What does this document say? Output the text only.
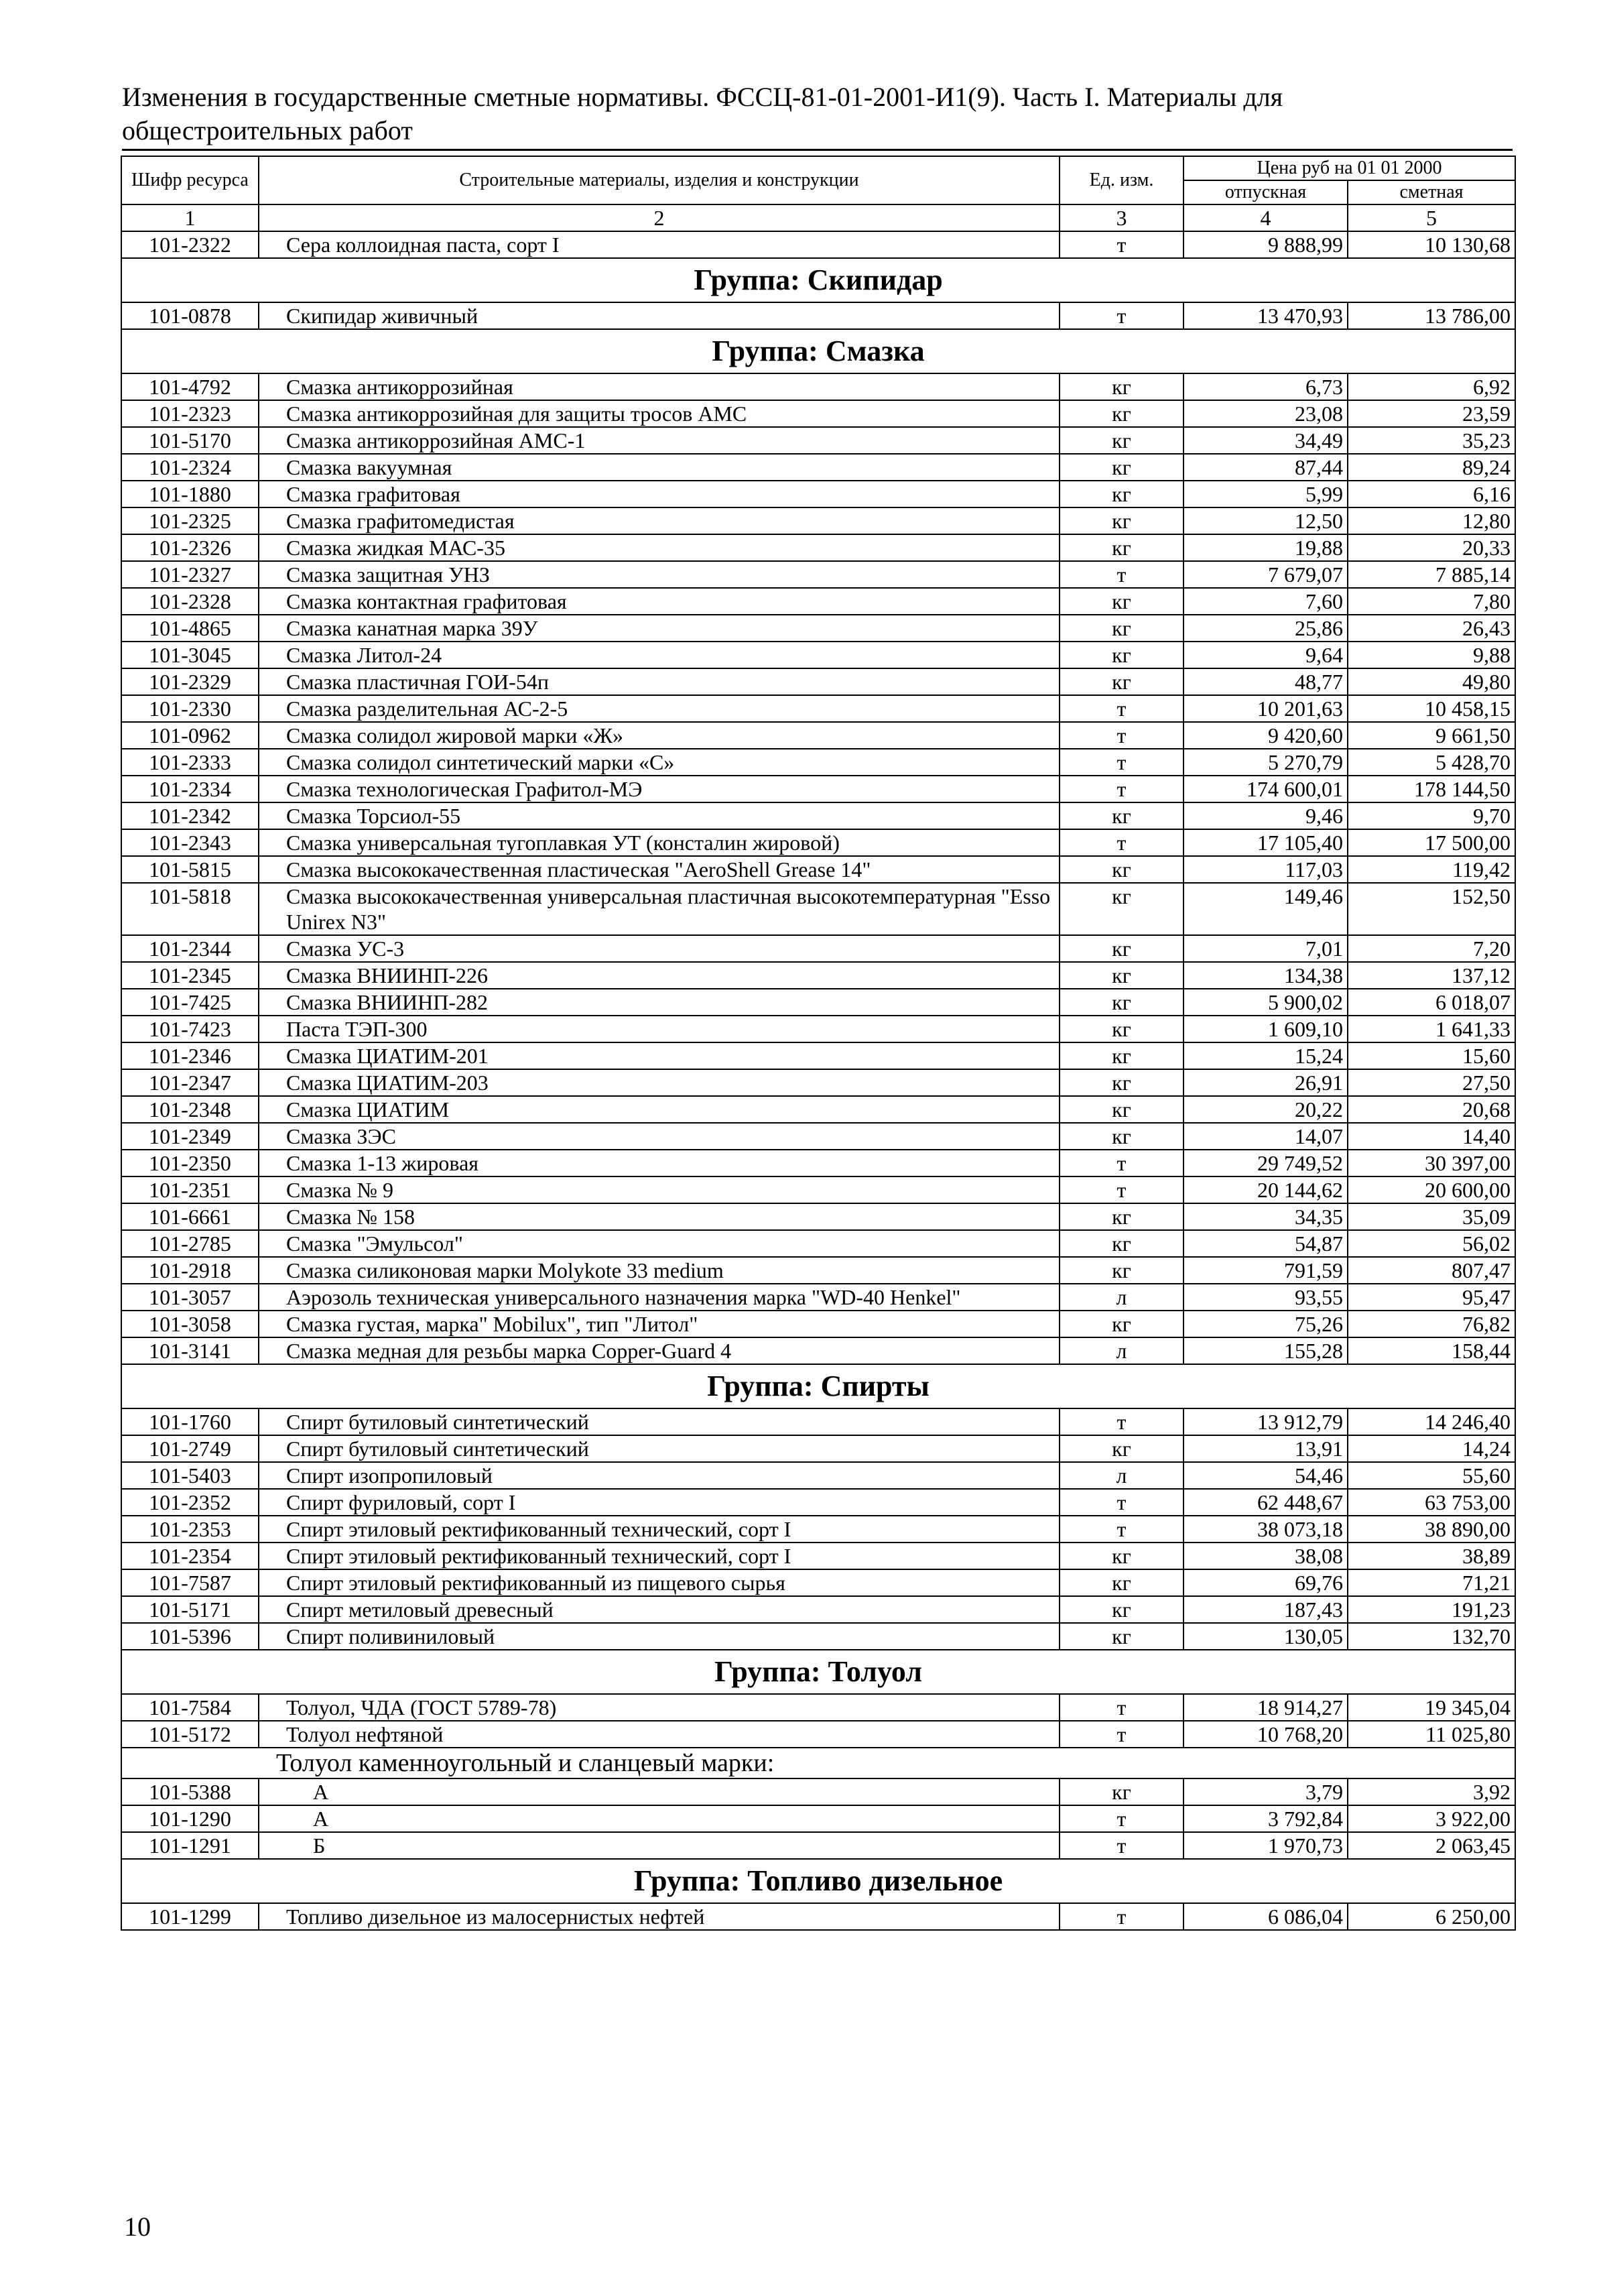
Изменения в государственные сметные нормативы. ФССЦ-81-01-2001-И1(9). Часть I. Материалы для
общестроительных работ
Шифр ресурса	Строительные материалы, изделия и конструкции	Ед. изм.	Цена руб на 01 01 2000	
			отпускная	сметная
1	2	3	4	5
101-2322	Сера коллоидная паста, сорт I	т	9 888,99	10 130,68
Группа: Скипидар				
101-0878	Скипидар живичный	т	13 470,93	13 786,00
Группа: Смазка				
101-4792	Смазка антикоррозийная	кг	6,73	6,92
101-2323	Смазка антикоррозийная для защиты тросов АМС	кг	23,08	23,59
101-5170	Смазка антикоррозийная АМС-1	кг	34,49	35,23
101-2324	Смазка вакуумная	кг	87,44	89,24
101-1880	Смазка графитовая	кг	5,99	6,16
101-2325	Смазка графитомедистая	кг	12,50	12,80
101-2326	Смазка жидкая МАС-35	кг	19,88	20,33
101-2327	Смазка защитная УНЗ	т	7 679,07	7 885,14
101-2328	Смазка контактная графитовая	кг	7,60	7,80
101-4865	Смазка канатная марка 39У	кг	25,86	26,43
101-3045	Смазка Литол-24	кг	9,64	9,88
101-2329	Смазка пластичная ГОИ-54п	кг	48,77	49,80
101-2330	Смазка разделительная АС-2-5	т	10 201,63	10 458,15
101-0962	Смазка солидол жировой марки «Ж»	т	9 420,60	9 661,50
101-2333	Смазка солидол синтетический марки «С»	т	5 270,79	5 428,70
101-2334	Смазка технологическая Графитол-МЭ	т	174 600,01	178 144,50
101-2342	Смазка Торсиол-55	кг	9,46	9,70
101-2343	Смазка универсальная тугоплавкая УТ (консталин жировой)	т	17 105,40	17 500,00
101-5815	Смазка высококачественная пластическая "AeroShell Grease 14"	кг	117,03	119,42
101-5818	Смазка высококачественная универсальная пластичная высокотемпературная "Esso Unirex N3"	кг	149,46	152,50
101-2344	Смазка УС-3	кг	7,01	7,20
101-2345	Смазка ВНИИНП-226	кг	134,38	137,12
101-7425	Смазка ВНИИНП-282	кг	5 900,02	6 018,07
101-7423	Паста ТЭП-300	кг	1 609,10	1 641,33
101-2346	Смазка ЦИАТИМ-201	кг	15,24	15,60
101-2347	Смазка ЦИАТИМ-203	кг	26,91	27,50
101-2348	Смазка ЦИАТИМ	кг	20,22	20,68
101-2349	Смазка ЗЭС	кг	14,07	14,40
101-2350	Смазка 1-13 жировая	т	29 749,52	30 397,00
101-2351	Смазка № 9	т	20 144,62	20 600,00
101-6661	Смазка № 158	кг	34,35	35,09
101-2785	Смазка "Эмульсол"	кг	54,87	56,02
101-2918	Смазка силиконовая марки Molykote 33 medium	кг	791,59	807,47
101-3057	Аэрозоль техническая универсального назначения марка "WD-40 Henkel"	л	93,55	95,47
101-3058	Смазка густая, марка" Mobilux", тип "Литол"	кг	75,26	76,82
101-3141	Смазка медная для резьбы марка Copper-Guard 4	л	155,28	158,44
Группа: Спирты				
101-1760	Спирт бутиловый синтетический	т	13 912,79	14 246,40
101-2749	Спирт бутиловый синтетический	кг	13,91	14,24
101-5403	Спирт изопропиловый	л	54,46	55,60
101-2352	Спирт фуриловый, сорт I	т	62 448,67	63 753,00
101-2353	Спирт этиловый ректификованный технический, сорт I	т	38 073,18	38 890,00
101-2354	Спирт этиловый ректификованный технический, сорт I	кг	38,08	38,89
101-7587	Спирт этиловый ректификованный из пищевого сырья	кг	69,76	71,21
101-5171	Спирт метиловый древесный	кг	187,43	191,23
101-5396	Спирт поливиниловый	кг	130,05	132,70
Группа: Толуол				
101-7584	Толуол, ЧДА (ГОСТ 5789-78)	т	18 914,27	19 345,04
101-5172	Толуол нефтяной	т	10 768,20	11 025,80
Толуол каменноугольный и сланцевый марки:				
101-5388	А	кг	3,79	3,92
101-1290	А	т	3 792,84	3 922,00
101-1291	Б	т	1 970,73	2 063,45
Группа: Топливо дизельное				
101-1299	Топливо дизельное из малосернистых нефтей	т	6 086,04	6 250,00
10
